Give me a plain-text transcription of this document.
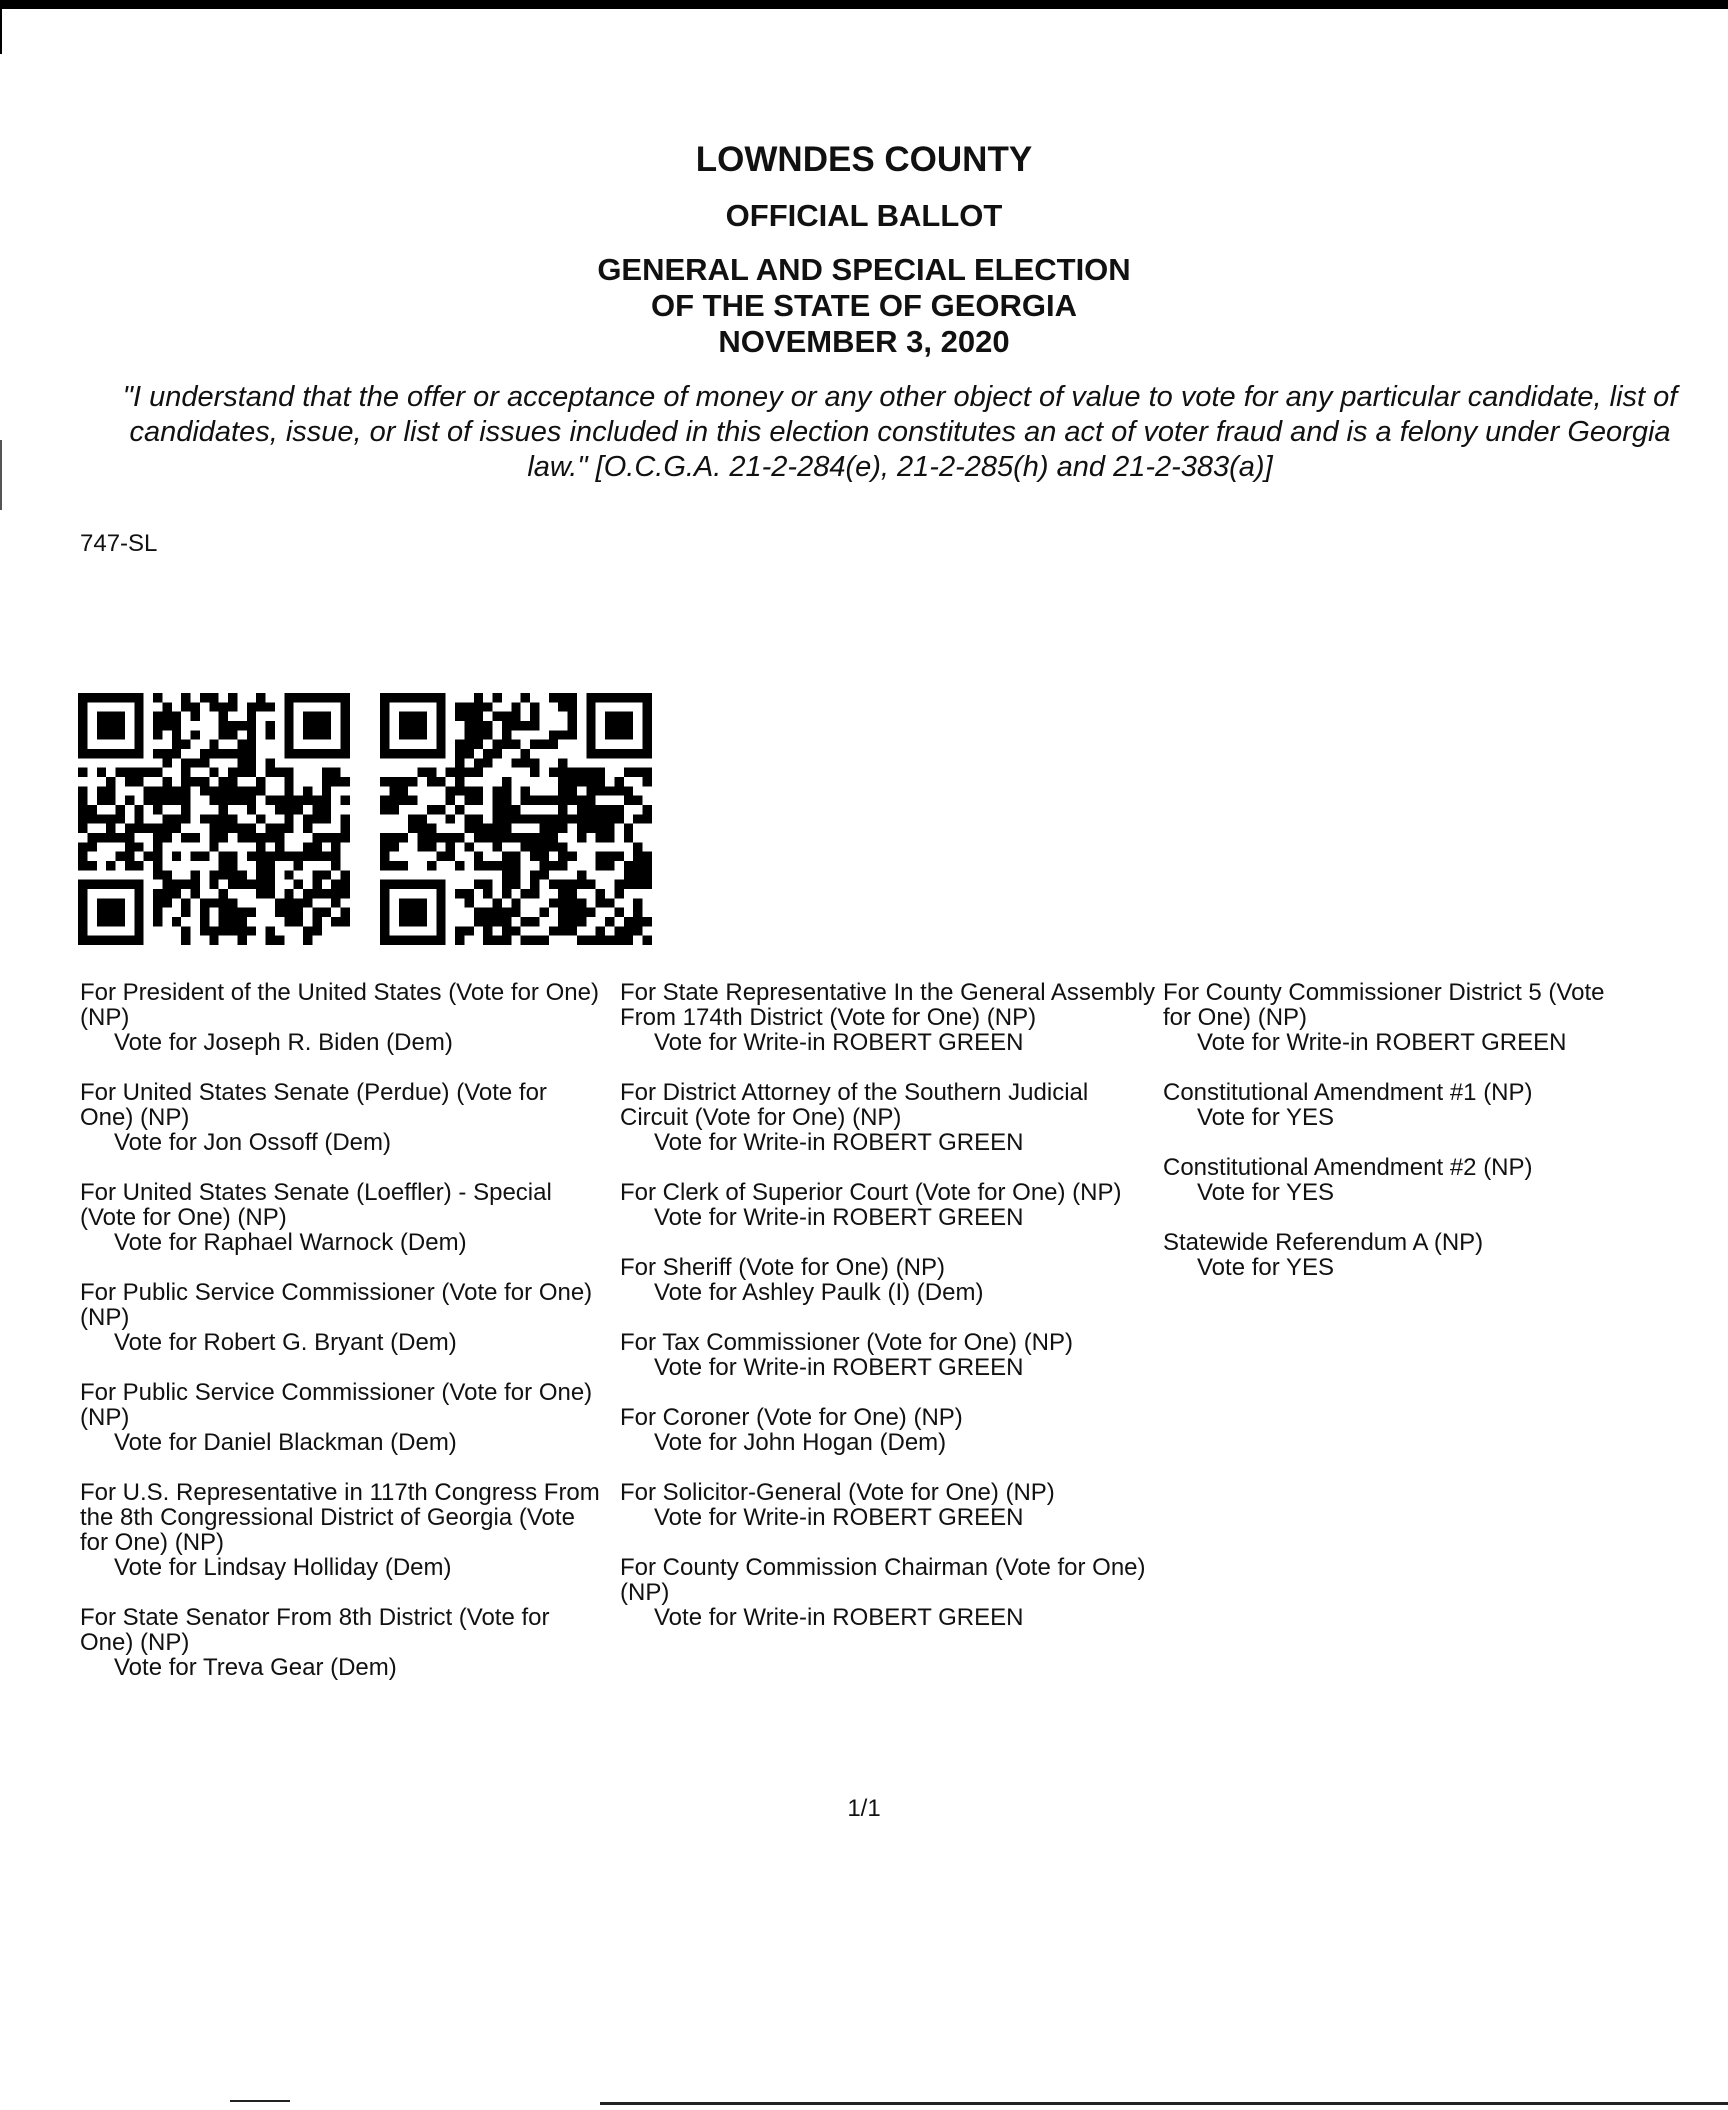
LOWNDES COUNTY
OFFICIAL BALLOT
GENERAL AND SPECIAL ELECTION
OF THE STATE OF GEORGIA
NOVEMBER 3, 2020
"I understand that the offer or acceptance of money or any other object of value to vote for any particular candidate, list of candidates, issue, or list of issues included in this election constitutes an act of voter fraud and is a felony under Georgia law." [O.C.G.A. 21-2-284(e), 21-2-285(h) and 21-2-383(a)]
747-SL
For President of the United States (Vote for One) (NP)
Vote for Joseph R. Biden (Dem)
For United States Senate (Perdue) (Vote for One) (NP)
Vote for Jon Ossoff (Dem)
For United States Senate (Loeffler) - Special (Vote for One) (NP)
Vote for Raphael Warnock (Dem)
For Public Service Commissioner (Vote for One) (NP)
Vote for Robert G. Bryant (Dem)
For Public Service Commissioner (Vote for One) (NP)
Vote for Daniel Blackman (Dem)
For U.S. Representative in 117th Congress From the 8th Congressional District of Georgia (Vote for One) (NP)
Vote for Lindsay Holliday (Dem)
For State Senator From 8th District (Vote for One) (NP)
Vote for Treva Gear (Dem)
For State Representative In the General Assembly From 174th District (Vote for One) (NP)
Vote for Write-in ROBERT GREEN
For District Attorney of the Southern Judicial Circuit (Vote for One) (NP)
Vote for Write-in ROBERT GREEN
For Clerk of Superior Court (Vote for One) (NP)
Vote for Write-in ROBERT GREEN
For Sheriff (Vote for One) (NP)
Vote for Ashley Paulk (I) (Dem)
For Tax Commissioner (Vote for One) (NP)
Vote for Write-in ROBERT GREEN
For Coroner (Vote for One) (NP)
Vote for John Hogan (Dem)
For Solicitor-General (Vote for One) (NP)
Vote for Write-in ROBERT GREEN
For County Commission Chairman (Vote for One) (NP)
Vote for Write-in ROBERT GREEN
For County Commissioner District 5 (Vote for One) (NP)
Vote for Write-in ROBERT GREEN
Constitutional Amendment #1 (NP)
Vote for YES
Constitutional Amendment #2 (NP)
Vote for YES
Statewide Referendum A (NP)
Vote for YES
1/1
